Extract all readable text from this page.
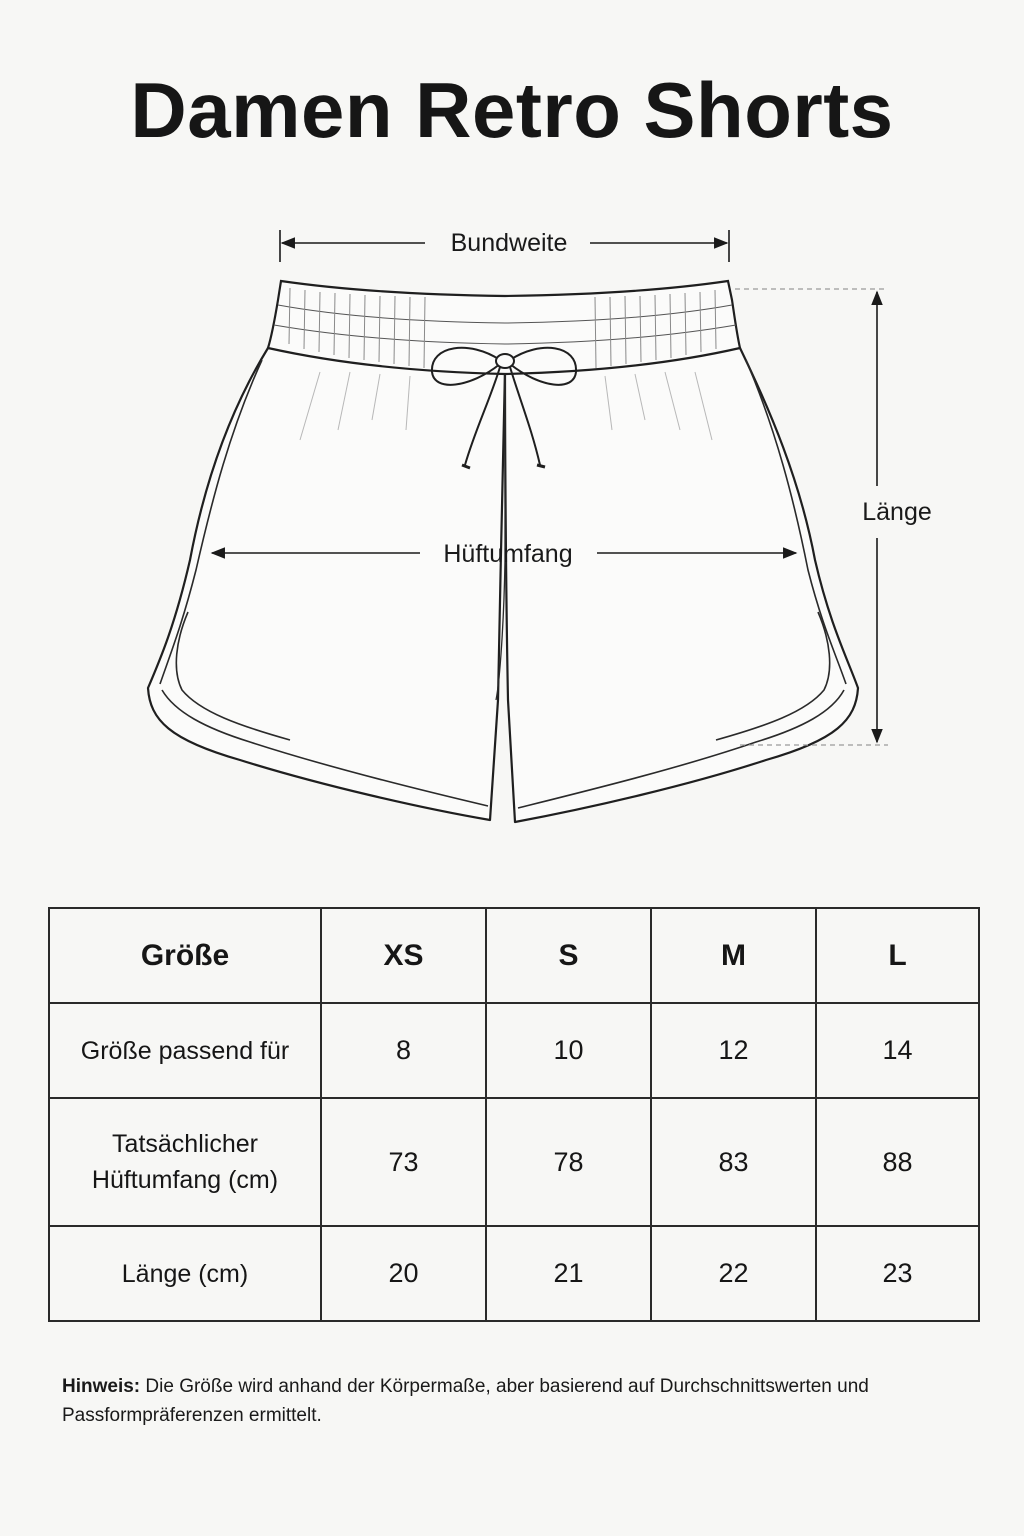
Damen Retro Shorts
Bundweite
Hüftumfang
Länge
Größe	XS	S	M	L
Größe passend für	8	10	12	14
Tatsächlicher
Hüftumfang (cm)	73	78	83	88
Länge (cm)	20	21	22	23
Hinweis: Die Größe wird anhand der Körpermaße, aber basierend auf Durchschnittswerten und Passformpräferenzen ermittelt.
